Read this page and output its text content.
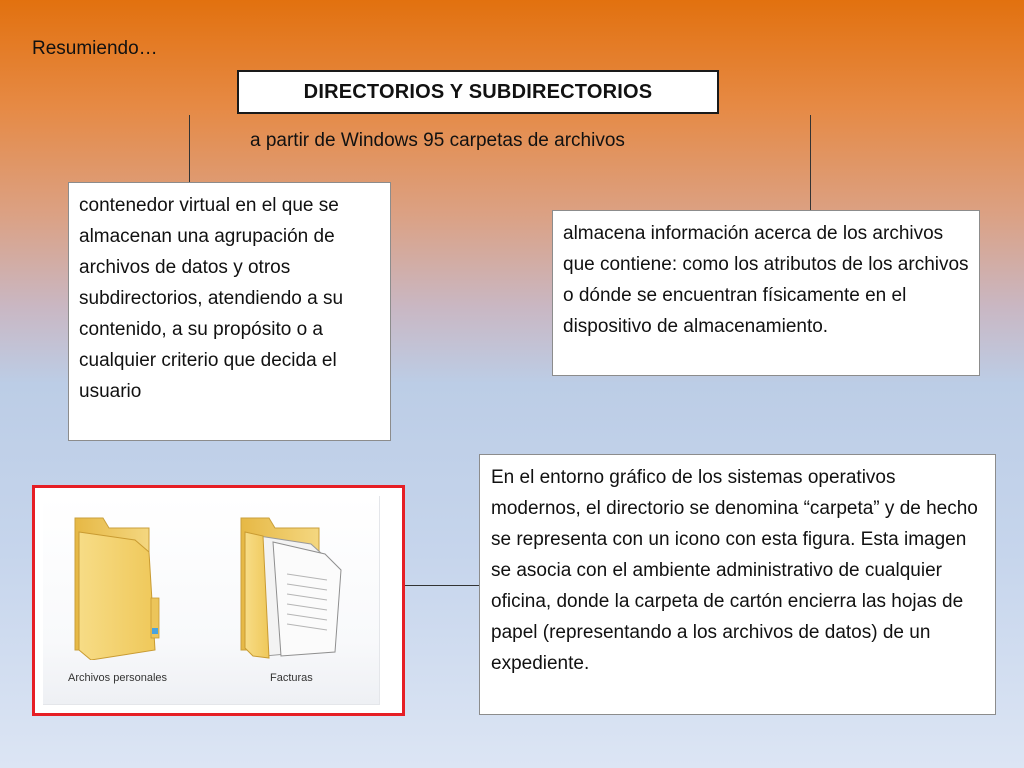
Resumiendo…
DIRECTORIOS Y SUBDIRECTORIOS
a partir de Windows 95 carpetas de archivos
contenedor virtual en el que se almacenan una agrupación de archivos de datos y otros subdirectorios, atendiendo a su contenido, a su propósito o a cualquier criterio que decida el usuario
almacena información acerca de los archivos que contiene: como los atributos de los archivos o dónde se encuentran físicamente en el dispositivo de almacenamiento.
En el entorno gráfico de los sistemas operativos modernos, el directorio se denomina “carpeta” y de hecho se representa con un icono con esta figura. Esta imagen se asocia con el ambiente administrativo de cualquier oficina, donde la carpeta de cartón encierra las hojas de papel (representando a los archivos de datos) de un expediente.
Archivos personales	Facturas
